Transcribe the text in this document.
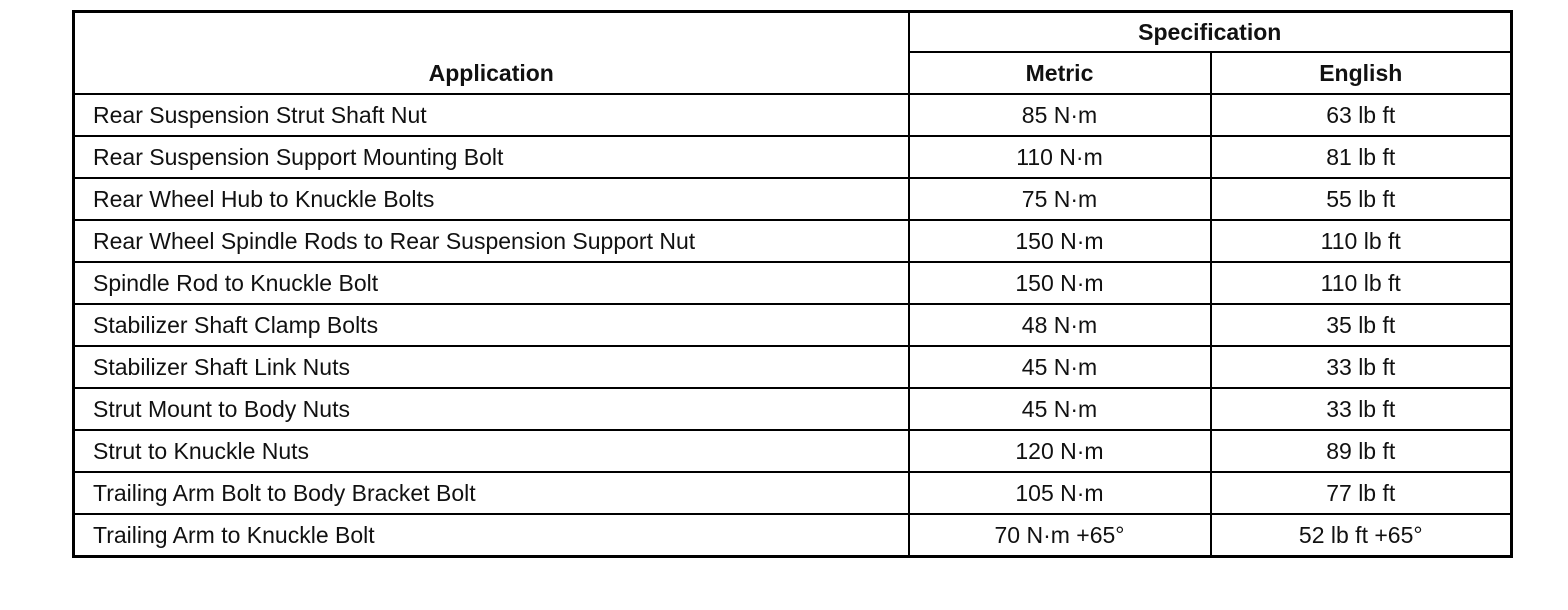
Application	Specification	
	Metric	English
Rear Suspension Strut Shaft Nut	85 N·m	63 lb ft
Rear Suspension Support Mounting Bolt	110 N·m	81 lb ft
Rear Wheel Hub to Knuckle Bolts	75 N·m	55 lb ft
Rear Wheel Spindle Rods to Rear Suspension Support Nut	150 N·m	110 lb ft
Spindle Rod to Knuckle Bolt	150 N·m	110 lb ft
Stabilizer Shaft Clamp Bolts	48 N·m	35 lb ft
Stabilizer Shaft Link Nuts	45 N·m	33 lb ft
Strut Mount to Body Nuts	45 N·m	33 lb ft
Strut to Knuckle Nuts	120 N·m	89 lb ft
Trailing Arm Bolt to Body Bracket Bolt	105 N·m	77 lb ft
Trailing Arm to Knuckle Bolt	70 N·m +65°	52 lb ft +65°
